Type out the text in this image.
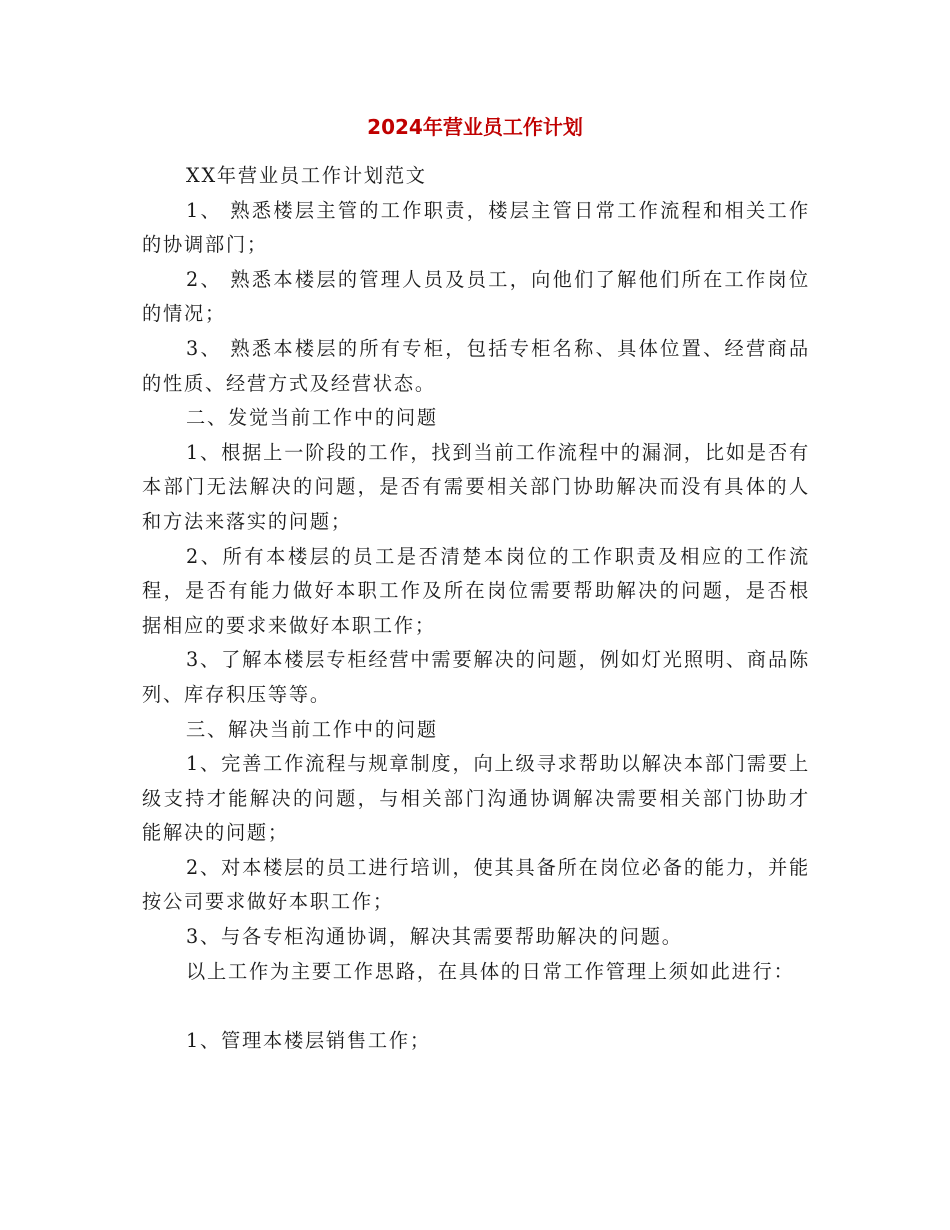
2024年营业员工作计划

XX年营业员工作计划范文

1、 熟悉楼层主管的工作职责，楼层主管日常工作流程和相关工作的协调部门；

2、 熟悉本楼层的管理人员及员工，向他们了解他们所在工作岗位的情况；

3、 熟悉本楼层的所有专柜，包括专柜名称、具体位置、经营商品的性质、经营方式及经营状态。

二、发觉当前工作中的问题

1、根据上一阶段的工作，找到当前工作流程中的漏洞，比如是否有本部门无法解决的问题，是否有需要相关部门协助解决而没有具体的人和方法来落实的问题；

2、所有本楼层的员工是否清楚本岗位的工作职责及相应的工作流程，是否有能力做好本职工作及所在岗位需要帮助解决的问题，是否根据相应的要求来做好本职工作；

3、了解本楼层专柜经营中需要解决的问题，例如灯光照明、商品陈列、库存积压等等。

三、解决当前工作中的问题

1、完善工作流程与规章制度，向上级寻求帮助以解决本部门需要上级支持才能解决的问题，与相关部门沟通协调解决需要相关部门协助才能解决的问题；

2、对本楼层的员工进行培训，使其具备所在岗位必备的能力，并能按公司要求做好本职工作；

3、与各专柜沟通协调，解决其需要帮助解决的问题。

以上工作为主要工作思路，在具体的日常工作管理上须如此进行：

1、管理本楼层销售工作；
